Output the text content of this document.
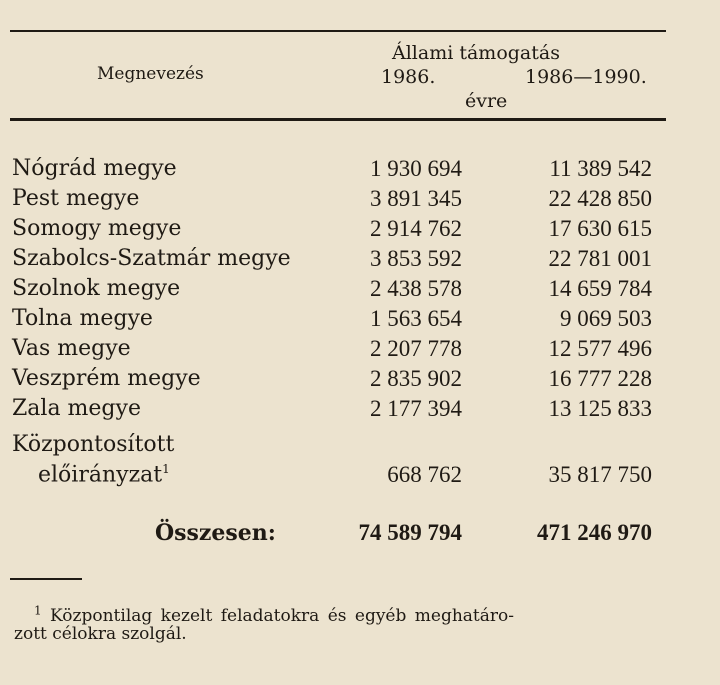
Állami támogatás
Megnevezés	1986.	1986—1990.
évre
Nógrád megye	1 930 694	11 389 542
Pest megye	3 891 345	22 428 850
Somogy megye	2 914 762	17 630 615
Szabolcs-Szatmár megye	3 853 592	22 781 001
Szolnok megye	2 438 578	14 659 784
Tolna megye	1 563 654	9 069 503
Vas megye	2 207 778	12 577 496
Veszprém megye	2 835 902	16 777 228
Zala megye	2 177 394	13 125 833
Központosított
előirányzat$^1$	668 762	35 817 750
Összesen:	74 589 794	471 246 970
$^1$ Központilag kezelt feladatokra és egyéb meghatáro-
zott célokra szolgál.
